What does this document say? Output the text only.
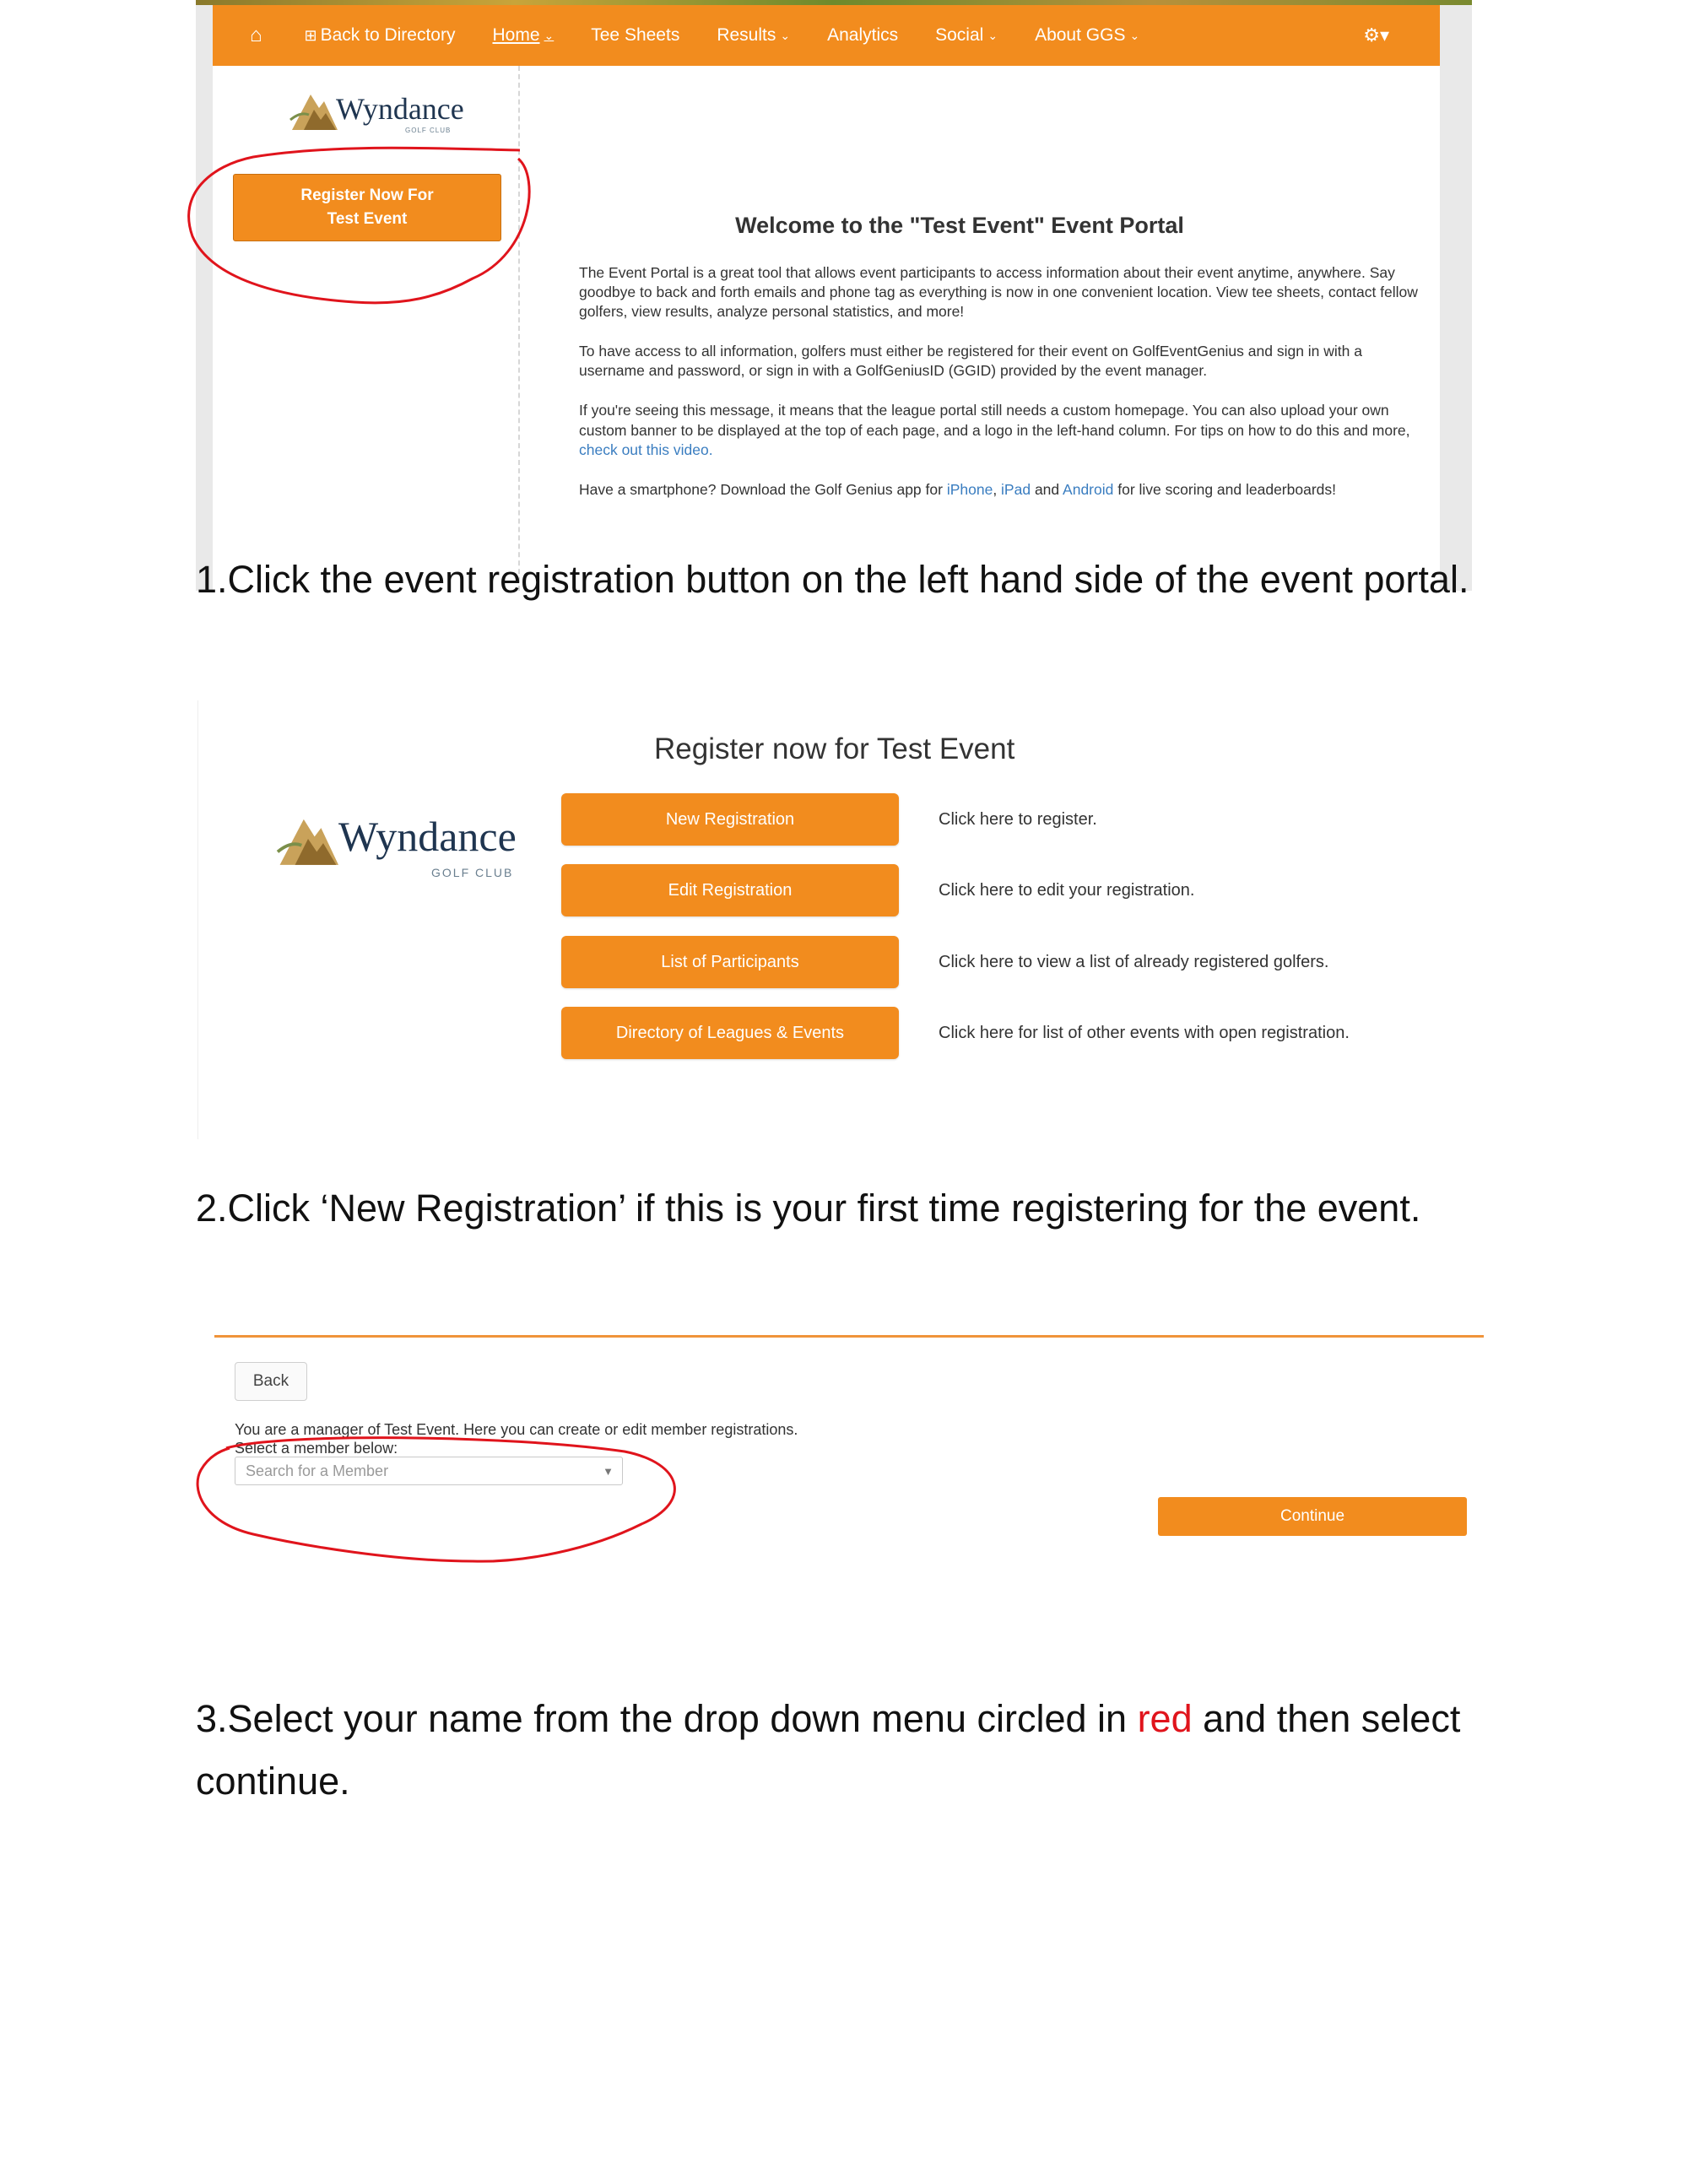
⌂	⊞ Back to Directory Home ⌄ Tee Sheets Results ⌄ Analytics Social ⌄ About GGS ⌄	⚙▾
Wyndance
GOLF CLUB
Register Now For
Test Event	Welcome to the "Test Event" Event Portal

The Event Portal is a great tool that allows event participants to access information about their event anytime, anywhere. Say goodbye to back and forth emails and phone tag as everything is now in one convenient location. View tee sheets, contact fellow golfers, view results, analyze personal statistics, and more!

To have access to all information, golfers must either be registered for their event on GolfEventGenius and sign in with a username and password, or sign in with a GolfGeniusID (GGID) provided by the event manager.

If you're seeing this message, it means that the league portal still needs a custom homepage. You can also upload your own custom banner to be displayed at the top of each page, and a logo in the left-hand column. For tips on how to do this and more, check out this video.

Have a smartphone? Download the Golf Genius app for iPhone, iPad and Android for live scoring and leaderboards!

1.Click the event registration button on the left hand side of the event portal.
Register now for Test Event
Wyndance
GOLF CLUB
New Registration	Click here to register.
Edit Registration	Click here to edit your registration.
List of Participants	Click here to view a list of already registered golfers.
Directory of Leagues & Events	Click here for list of other events with open registration.
2.Click ‘New Registration’ if this is your first time registering for the event.
Back
You are a manager of Test Event. Here you can create or edit member registrations.
Select a member below:
Search for a Member	▼
Continue
3.Select your name from the drop down menu circled in red and then select continue.
